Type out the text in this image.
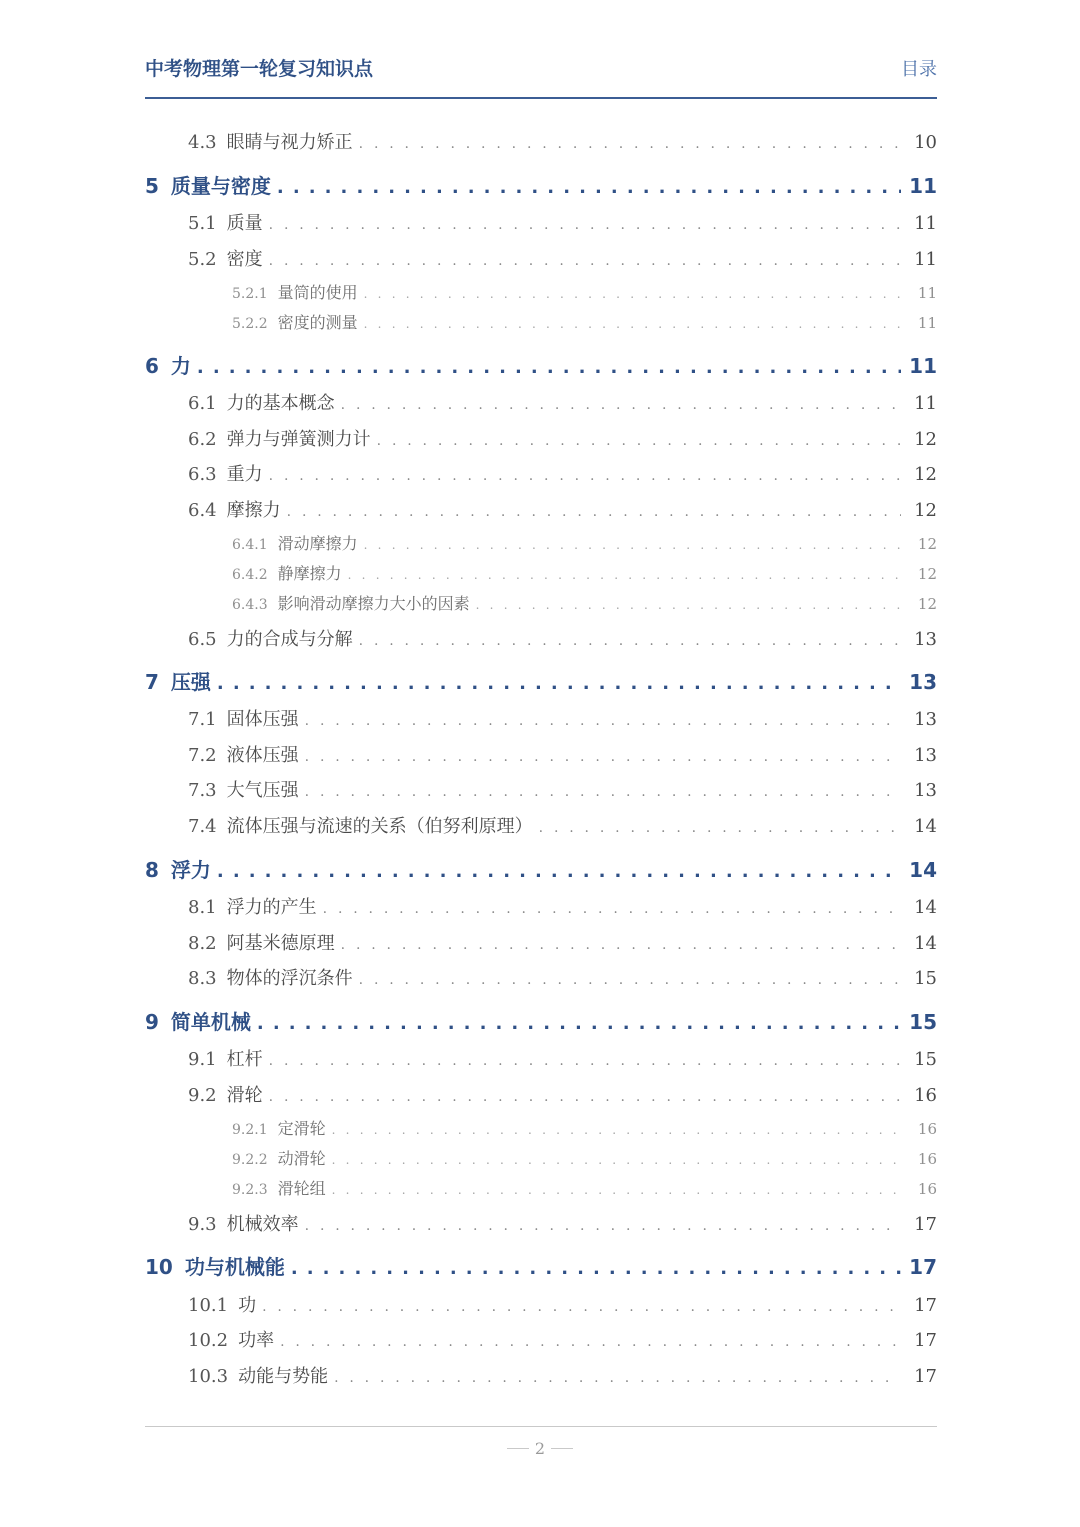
中考物理第一轮复习知识点	目录
4.3 眼睛与视力矫正 . . .	10
5 质量与密度 . . .	11
5.1 质量 . . .	11
5.2 密度 . . .	11
5.2.1 量筒的使用 . . .	11
5.2.2 密度的测量 . . .	11
6 力 . . .	11
6.1 力的基本概念 . . .	11
6.2 弹力与弹簧测力计 . . .	12
6.3 重力 . . .	12
6.4 摩擦力 . . .	12
6.4.1 滑动摩擦力 . . .	12
6.4.2 静摩擦力 . . .	12
6.4.3 影响滑动摩擦力大小的因素 . . .	12
6.5 力的合成与分解 . . .	13
7 压强 . . .	13
7.1 固体压强 . . .	13
7.2 液体压强 . . .	13
7.3 大气压强 . . .	13
7.4 流体压强与流速的关系（伯努利原理） . . .	14
8 浮力 . . .	14
8.1 浮力的产生 . . .	14
8.2 阿基米德原理 . . .	14
8.3 物体的浮沉条件 . . .	15
9 简单机械 . . .	15
9.1 杠杆 . . .	15
9.2 滑轮 . . .	16
9.2.1 定滑轮 . . .	16
9.2.2 动滑轮 . . .	16
9.2.3 滑轮组 . . .	16
9.3 机械效率 . . .	17
10 功与机械能 . . .	17
10.1 功 . . .	17
10.2 功率 . . .	17
10.3 动能与势能 . . .	17
2
